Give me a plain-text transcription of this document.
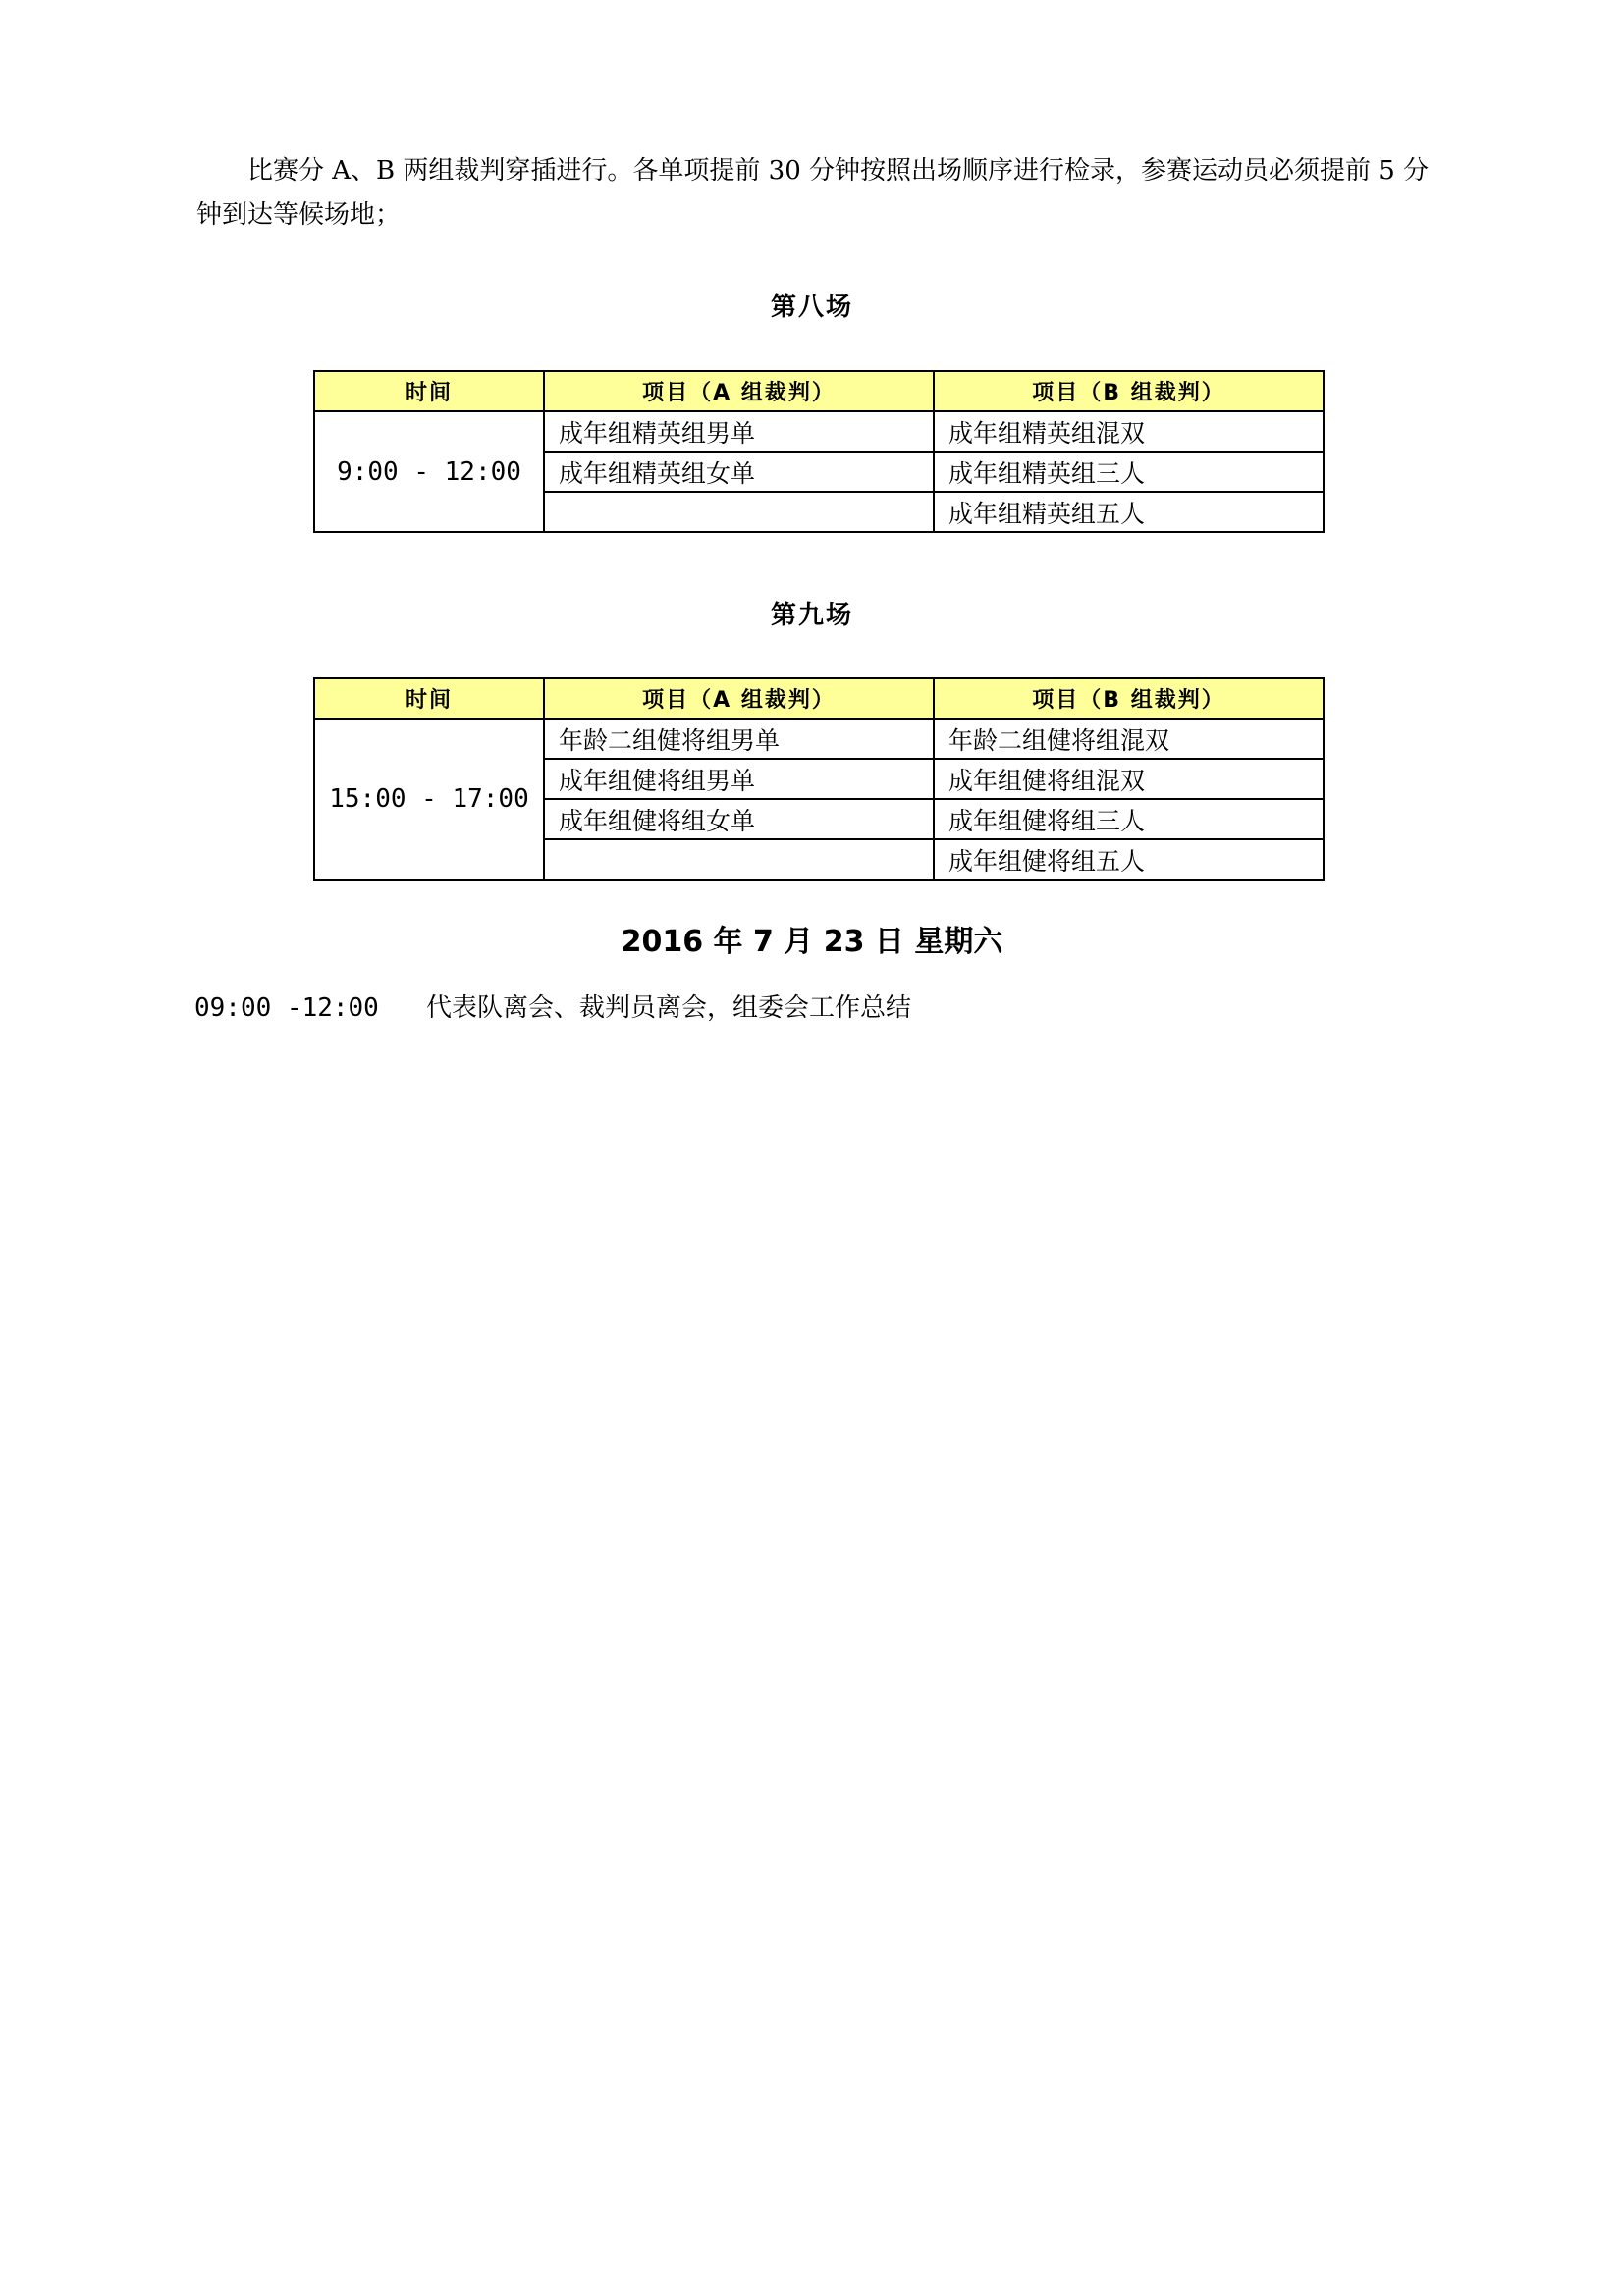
比赛分 A、B 两组裁判穿插进行。各单项提前 30 分钟按照出场顺序进行检录，参赛运动员必须提前 5 分钟到达等候场地；

第八场
时间	项目（A 组裁判）	项目（B 组裁判）
9:00 - 12:00	成年组精英组男单	成年组精英组混双
	成年组精英组女单	成年组精英组三人
		成年组精英组五人
第九场
时间	项目（A 组裁判）	项目（B 组裁判）
15:00 - 17:00	年龄二组健将组男单	年龄二组健将组混双
	成年组健将组男单	成年组健将组混双
	成年组健将组女单	成年组健将组三人
		成年组健将组五人
2016 年 7 月 23 日 星期六

09:00 -12:00 代表队离会、裁判员离会，组委会工作总结
